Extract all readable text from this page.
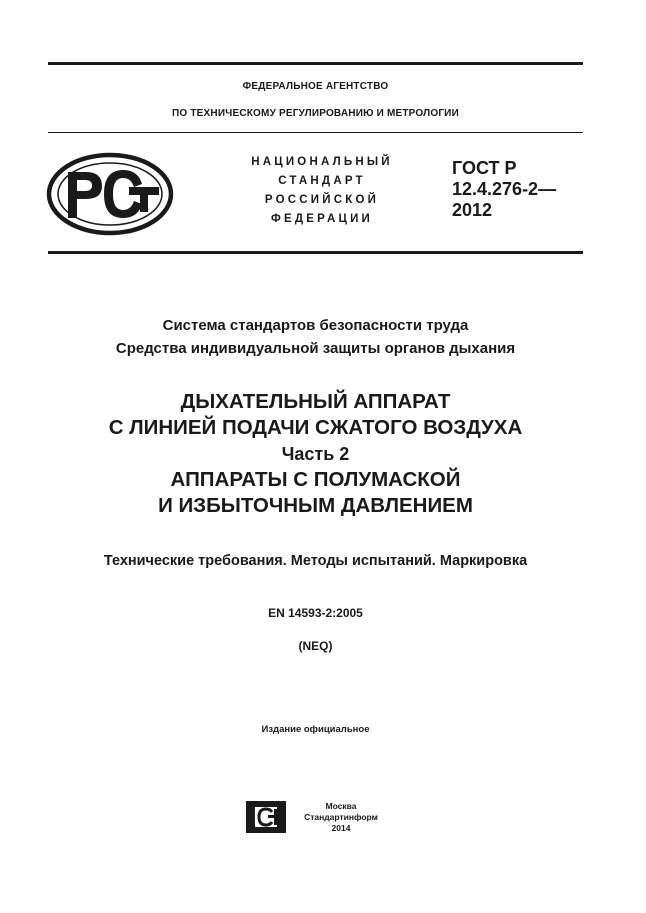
ФЕДЕРАЛЬНОЕ АГЕНТСТВО
ПО ТЕХНИЧЕСКОМУ РЕГУЛИРОВАНИЮ И МЕТРОЛОГИИ
НАЦИОНАЛЬНЫЙ
СТАНДАРТ
РОССИЙСКОЙ
ФЕДЕРАЦИИ
ГОСТ Р
12.4.276-2—
2012
Система стандартов безопасности труда
Средства индивидуальной защиты органов дыхания
ДЫХАТЕЛЬНЫЙ АППАРАТ
С ЛИНИЕЙ ПОДАЧИ СЖАТОГО ВОЗДУХА
Часть 2
АППАРАТЫ С ПОЛУМАСКОЙ
И ИЗБЫТОЧНЫМ ДАВЛЕНИЕМ
Технические требования. Методы испытаний. Маркировка
EN 14593-2:2005
(NEQ)
Издание официальное
Москва
Стандартинформ
2014
